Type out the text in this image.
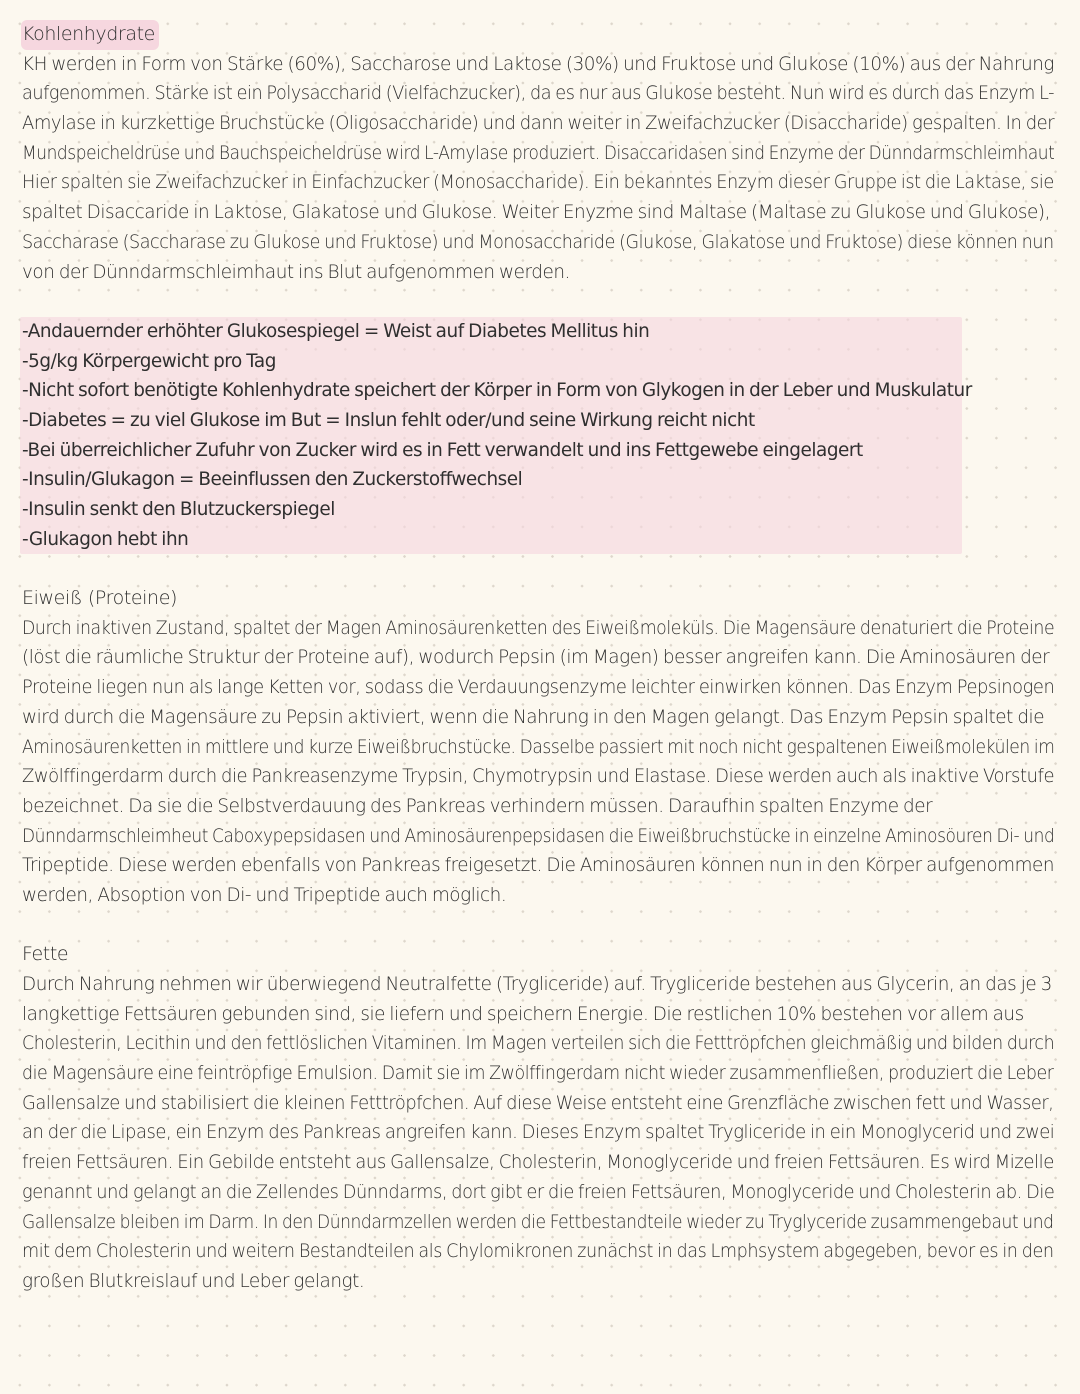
Kohlenhydrate
KH werden in Form von Stärke (60%), Saccharose und Laktose (30%) und Fruktose und Glukose (10%) aus der Nahrung
aufgenommen. Stärke ist ein Polysaccharid (Vielfachzucker), da es nur aus Glukose besteht. Nun wird es durch das Enzym L-
Amylase in kurzkettige Bruchstücke (Oligosaccharide) und dann weiter in Zweifachzucker (Disaccharide) gespalten. In der
Mundspeicheldrüse und Bauchspeicheldrüse wird L-Amylase produziert. Disaccaridasen sind Enzyme der Dünndarmschleimhaut
Hier spalten sie Zweifachzucker in Einfachzucker (Monosaccharide). Ein bekanntes Enzym dieser Gruppe ist die Laktase, sie
spaltet Disaccaride in Laktose, Glakatose und Glukose. Weiter Enyzme sind Maltase (Maltase zu Glukose und Glukose),
Saccharase (Saccharase zu Glukose und Fruktose) und Monosaccharide (Glukose, Glakatose und Fruktose) diese können nun
von der Dünndarmschleimhaut ins Blut aufgenommen werden.
-Andauernder erhöhter Glukosespiegel = Weist auf Diabetes Mellitus hin
-5g/kg Körpergewicht pro Tag
-Nicht sofort benötigte Kohlenhydrate speichert der Körper in Form von Glykogen in der Leber und Muskulatur
-Diabetes = zu viel Glukose im But = Inslun fehlt oder/und seine Wirkung reicht nicht
-Bei überreichlicher Zufuhr von Zucker wird es in Fett verwandelt und ins Fettgewebe eingelagert
-Insulin/Glukagon = Beeinflussen den Zuckerstoffwechsel
-Insulin senkt den Blutzuckerspiegel
-Glukagon hebt ihn
Eiweiß (Proteine)
Durch inaktiven Zustand, spaltet der Magen Aminosäurenketten des Eiweißmoleküls. Die Magensäure denaturiert die Proteine
(löst die räumliche Struktur der Proteine auf), wodurch Pepsin (im Magen) besser angreifen kann. Die Aminosäuren der
Proteine liegen nun als lange Ketten vor, sodass die Verdauungsenzyme leichter einwirken können. Das Enzym Pepsinogen
wird durch die Magensäure zu Pepsin aktiviert, wenn die Nahrung in den Magen gelangt. Das Enzym Pepsin spaltet die
Aminosäurenketten in mittlere und kurze Eiweißbruchstücke. Dasselbe passiert mit noch nicht gespaltenen Eiweißmolekülen im
Zwölffingerdarm durch die Pankreasenzyme Trypsin, Chymotrypsin und Elastase. Diese werden auch als inaktive Vorstufe
bezeichnet. Da sie die Selbstverdauung des Pankreas verhindern müssen. Daraufhin spalten Enzyme der
Dünndarmschleimheut Caboxypepsidasen und Aminosäurenpepsidasen die Eiweißbruchstücke in einzelne Aminosöuren Di- und
Tripeptide. Diese werden ebenfalls von Pankreas freigesetzt. Die Aminosäuren können nun in den Körper aufgenommen
werden, Absoption von Di- und Tripeptide auch möglich.
Fette
Durch Nahrung nehmen wir überwiegend Neutralfette (Trygliceride) auf. Trygliceride bestehen aus Glycerin, an das je 3
langkettige Fettsäuren gebunden sind, sie liefern und speichern Energie. Die restlichen 10% bestehen vor allem aus
Cholesterin, Lecithin und den fettlöslichen Vitaminen. Im Magen verteilen sich die Fetttröpfchen gleichmäßig und bilden durch
die Magensäure eine feintröpfige Emulsion. Damit sie im Zwölffingerdam nicht wieder zusammenfließen, produziert die Leber
Gallensalze und stabilisiert die kleinen Fetttröpfchen. Auf diese Weise entsteht eine Grenzfläche zwischen fett und Wasser,
an der die Lipase, ein Enzym des Pankreas angreifen kann. Dieses Enzym spaltet Trygliceride in ein Monoglycerid und zwei
freien Fettsäuren. Ein Gebilde entsteht aus Gallensalze, Cholesterin, Monoglyceride und freien Fettsäuren. Es wird Mizelle
genannt und gelangt an die Zellendes Dünndarms, dort gibt er die freien Fettsäuren, Monoglyceride und Cholesterin ab. Die
Gallensalze bleiben im Darm. In den Dünndarmzellen werden die Fettbestandteile wieder zu Tryglyceride zusammengebaut und
mit dem Cholesterin und weitern Bestandteilen als Chylomikronen zunächst in das Lmphsystem abgegeben, bevor es in den
großen Blutkreislauf und Leber gelangt.
